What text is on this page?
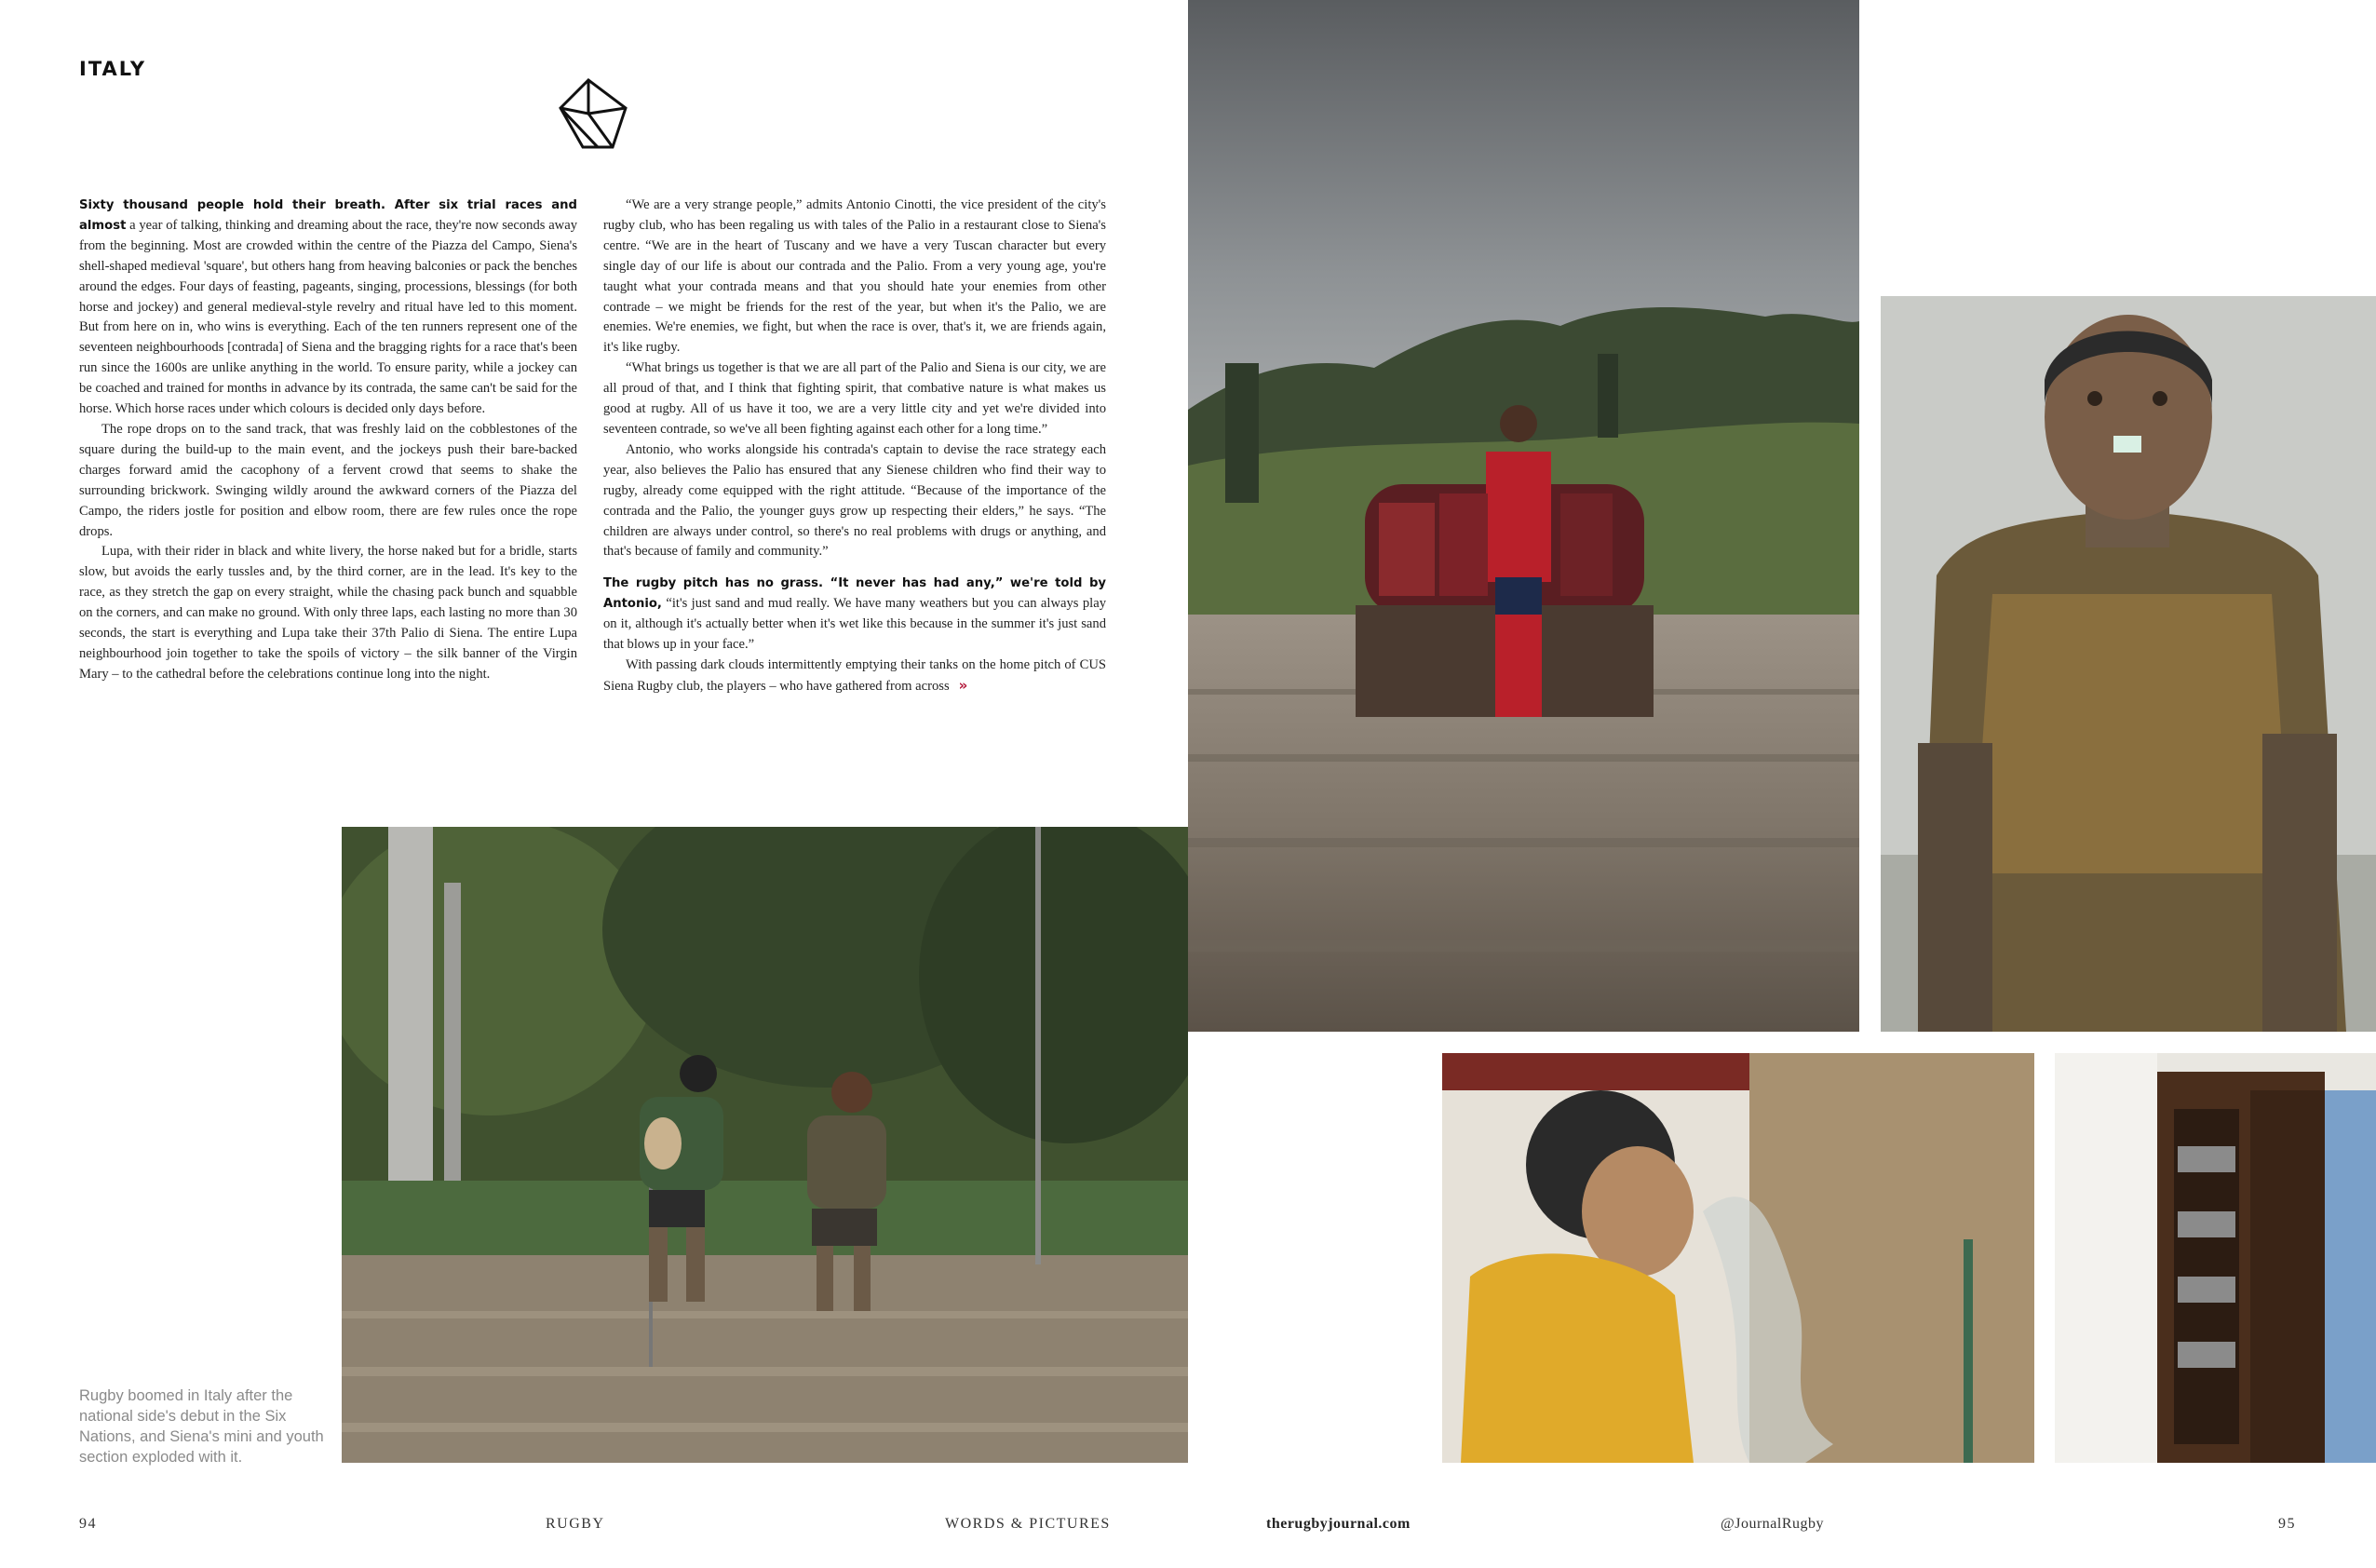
ITALY

Sixty thousand people hold their breath. After six trial races and almost a year of talking, thinking and dreaming about the race, they're now seconds away from the beginning. Most are crowded within the centre of the Piazza del Campo, Siena's shell-shaped medieval 'square', but others hang from heaving balconies or pack the benches around the edges. Four days of feasting, pageants, singing, processions, blessings (for both horse and jockey) and general medieval-style revelry and ritual have led to this moment. But from here on in, who wins is everything. Each of the ten runners represent one of the seventeen neighbourhoods [contrada] of Siena and the bragging rights for a race that's been run since the 1600s are unlike anything in the world. To ensure parity, while a jockey can be coached and trained for months in advance by its contrada, the same can't be said for the horse. Which horse races under which colours is decided only days before.

The rope drops on to the sand track, that was freshly laid on the cobblestones of the square during the build-up to the main event, and the jockeys push their bare-backed charges forward amid the cacophony of a fervent crowd that seems to shake the surrounding brickwork. Swinging wildly around the awkward corners of the Piazza del Campo, the riders jostle for position and elbow room, there are few rules once the rope drops.

Lupa, with their rider in black and white livery, the horse naked but for a bridle, starts slow, but avoids the early tussles and, by the third corner, are in the lead. It's key to the race, as they stretch the gap on every straight, while the chasing pack bunch and squabble on the corners, and can make no ground. With only three laps, each lasting no more than 30 seconds, the start is everything and Lupa take their 37th Palio di Siena. The entire Lupa neighbourhood join together to take the spoils of victory – the silk banner of the Virgin Mary – to the cathedral before the celebrations continue long into the night.

“We are a very strange people,” admits Antonio Cinotti, the vice president of the city's rugby club, who has been regaling us with tales of the Palio in a restaurant close to Siena's centre. “We are in the heart of Tuscany and we have a very Tuscan character but every single day of our life is about our contrada and the Palio. From a very young age, you're taught what your contrada means and that you should hate your enemies from other contrade – we might be friends for the rest of the year, but when it's the Palio, we are enemies. We're enemies, we fight, but when the race is over, that's it, we are friends again, it's like rugby.

“What brings us together is that we are all part of the Palio and Siena is our city, we are all proud of that, and I think that fighting spirit, that combative nature is what makes us good at rugby. All of us have it too, we are a very little city and yet we're divided into seventeen contrade, so we've all been fighting against each other for a long time.”

Antonio, who works alongside his contrada's captain to devise the race strategy each year, also believes the Palio has ensured that any Sienese children who find their way to rugby, already come equipped with the right attitude. “Because of the importance of the contrada and the Palio, the younger guys grow up respecting their elders,” he says. “The children are always under control, so there's no real problems with drugs or anything, and that's because of family and community.”

The rugby pitch has no grass. “It never has had any,” we're told by Antonio, “it's just sand and mud really. We have many weathers but you can always play on it, although it's actually better when it's wet like this because in the summer it's just sand that blows up in your face.”

With passing dark clouds intermittently emptying their tanks on the home pitch of CUS Siena Rugby club, the players – who have gathered from across »

Rugby boomed in Italy after the national side's debut in the Six Nations, and Siena's mini and youth section exploded with it.
94	RUGBY	WORDS & PICTURES	therugbyjournal.com	@JournalRugby	95
